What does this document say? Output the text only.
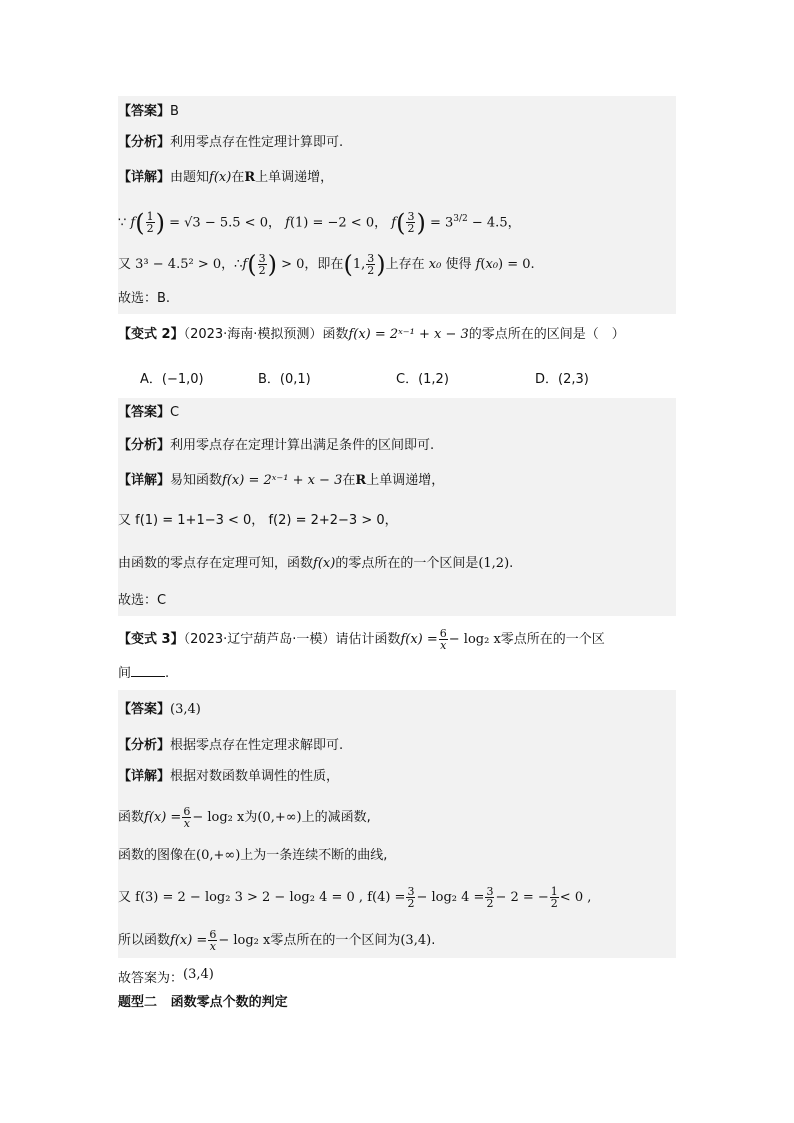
【答案】B
【分析】利用零点存在性定理计算即可.
【详解】由题知f(x)在R上单调递增，
∵ $f( \frac{1}{2}$ ) = √3 − 5.5 < 0， f(1) = −2 < 0， $f( \frac{3}{2}$ ) = $3^{3/2} - 4.5$，
又 3³ − 4.5² > 0，∴f( $\frac{3}{2}$ ) > 0，即在(1, $\frac{3}{2}$ )上存在 x₀ 使得 f(x₀) = 0.
故选：B.
【变式 2】（2023·海南·模拟预测）函数f(x) = 2ˣ⁻¹ + x − 3的零点所在的区间是（　）
A．(−1,0)	B．(0,1)	C．(1,2)	D．(2,3)
【答案】C
【分析】利用零点存在定理计算出满足条件的区间即可.
【详解】易知函数f(x) = 2ˣ⁻¹ + x − 3在R上单调递增，
又 f(1) = 1+1−3 < 0， f(2) = 2+2−3 > 0，
由函数的零点存在定理可知，函数f(x)的零点所在的一个区间是(1,2).
故选：C
【变式 3】（2023·辽宁葫芦岛·一模）请估计函数$f(x) = \frac{6}{x} - \log_2$ x零点所在的一个区
间	.
【答案】(3,4)
【分析】根据零点存在性定理求解即可.
【详解】根据对数函数单调性的性质，
函数$f(x) = \frac{6}{x} - \log_2$ x为(0,+∞)上的减函数,
函数的图像在(0,+∞)上为一条连续不断的曲线,
又 f(3) = 2 − log₂ 3 > 2 − log₂ 4 = 0 , $f(4) = \frac{3}{2} - \log_2$ $4 = \frac{3}{2} - 2$ = − $\frac{1}{2} < 0$ ,
所以函数$f(x) = \frac{6}{x} - \log_2$ x零点所在的一个区间为(3,4).
故答案为：(3,4)
题型二 函数零点个数的判定
